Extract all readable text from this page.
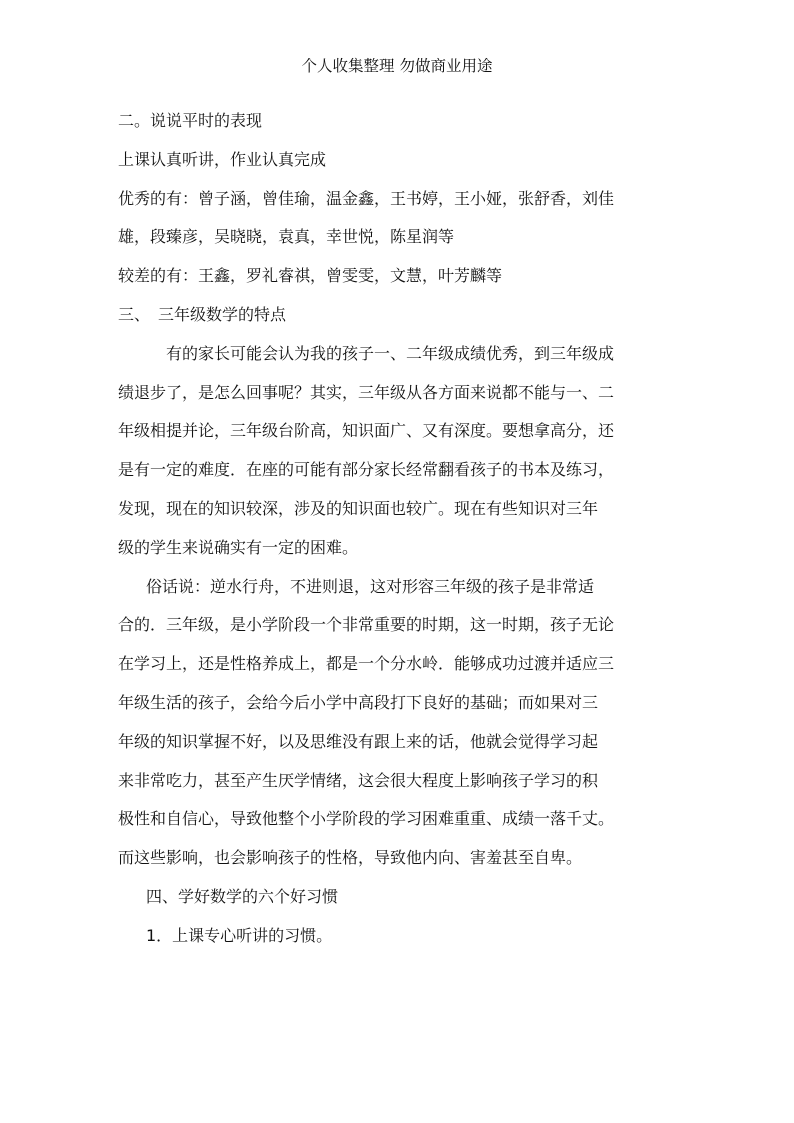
个人收集整理 勿做商业用途
二。说说平时的表现
上课认真听讲，作业认真完成
优秀的有：曾子涵，曾佳瑜，温金鑫，王书婷，王小娅，张舒香，刘佳
雄，段臻彦，吴晓晓，袁真，幸世悦，陈星润等
较差的有：王鑫，罗礼睿祺，曾雯雯，文慧，叶芳麟等
三、　三年级数学的特点
有的家长可能会认为我的孩子一、二年级成绩优秀，到三年级成
绩退步了，是怎么回事呢？其实，三年级从各方面来说都不能与一、二
年级相提并论，三年级台阶高，知识面广、又有深度。要想拿高分，还
是有一定的难度．在座的可能有部分家长经常翻看孩子的书本及练习，
发现，现在的知识较深，涉及的知识面也较广。现在有些知识对三年
级的学生来说确实有一定的困难。
俗话说：逆水行舟，不进则退，这对形容三年级的孩子是非常适
合的．三年级，是小学阶段一个非常重要的时期，这一时期，孩子无论
在学习上，还是性格养成上，都是一个分水岭．能够成功过渡并适应三
年级生活的孩子，会给今后小学中高段打下良好的基础；而如果对三
年级的知识掌握不好，以及思维没有跟上来的话，他就会觉得学习起
来非常吃力，甚至产生厌学情绪，这会很大程度上影响孩子学习的积
极性和自信心，导致他整个小学阶段的学习困难重重、成绩一落千丈。
而这些影响，也会影响孩子的性格，导致他内向、害羞甚至自卑。
四、学好数学的六个好习惯
1．上课专心听讲的习惯。
